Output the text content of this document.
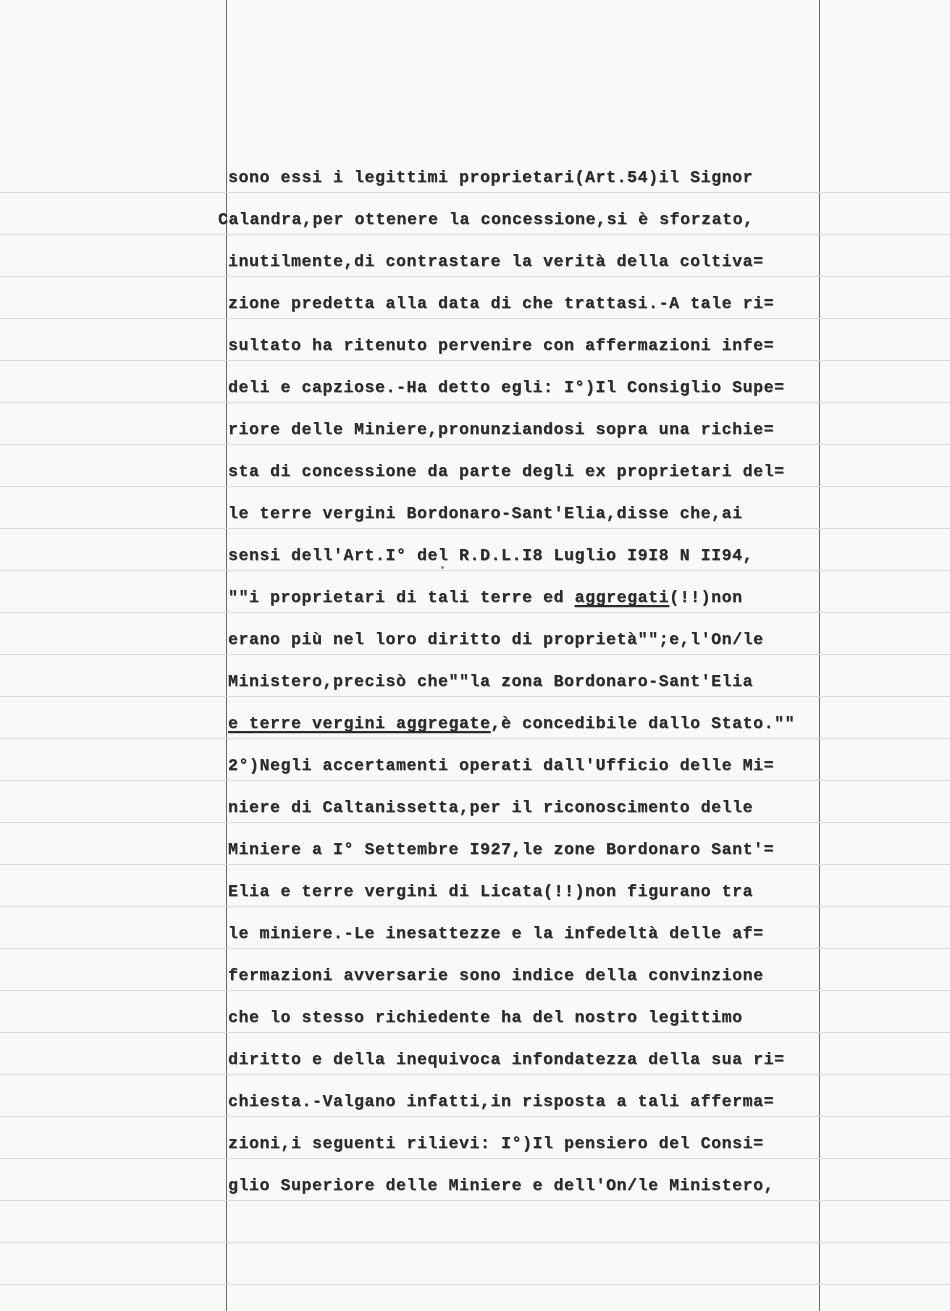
sono essi i legittimi proprietari(Art.54)il Signor
Calandra,per ottenere la concessione,si è sforzato,
inutilmente,di contrastare la verità della coltiva=
zione predetta alla data di che trattasi.-A tale ri=
sultato ha ritenuto pervenire con affermazioni infe=
deli e capziose.-Ha detto egli: I°)Il Consiglio Supe=
riore delle Miniere,pronunziandosi sopra una richie=
sta di concessione da parte degli ex proprietari del=
le terre vergini Bordonaro-Sant'Elia,disse che,ai
sensi dell'Art.I° del R.D.L.I8 Luglio I9I8 N II94,
""i proprietari di tali terre ed aggregati(!!)non
erano più nel loro diritto di proprietà"";e,l'On/le
Ministero,precisò che""la zona Bordonaro-Sant'Elia
e terre vergini aggregate,è concedibile dallo Stato.""
2°)Negli accertamenti operati dall'Ufficio delle Mi=
niere di Caltanissetta,per il riconoscimento delle
Miniere a I° Settembre I927,le zone Bordonaro Sant'=
Elia e terre vergini di Licata(!!)non figurano tra
le miniere.-Le inesattezze e la infedeltà delle af=
fermazioni avversarie sono indice della convinzione
che lo stesso richiedente ha del nostro legittimo
diritto e della inequivoca infondatezza della sua ri=
chiesta.-Valgano infatti,in risposta a tali afferma=
zioni,i seguenti rilievi: I°)Il pensiero del Consi=
glio Superiore delle Miniere e dell'On/le Ministero,
